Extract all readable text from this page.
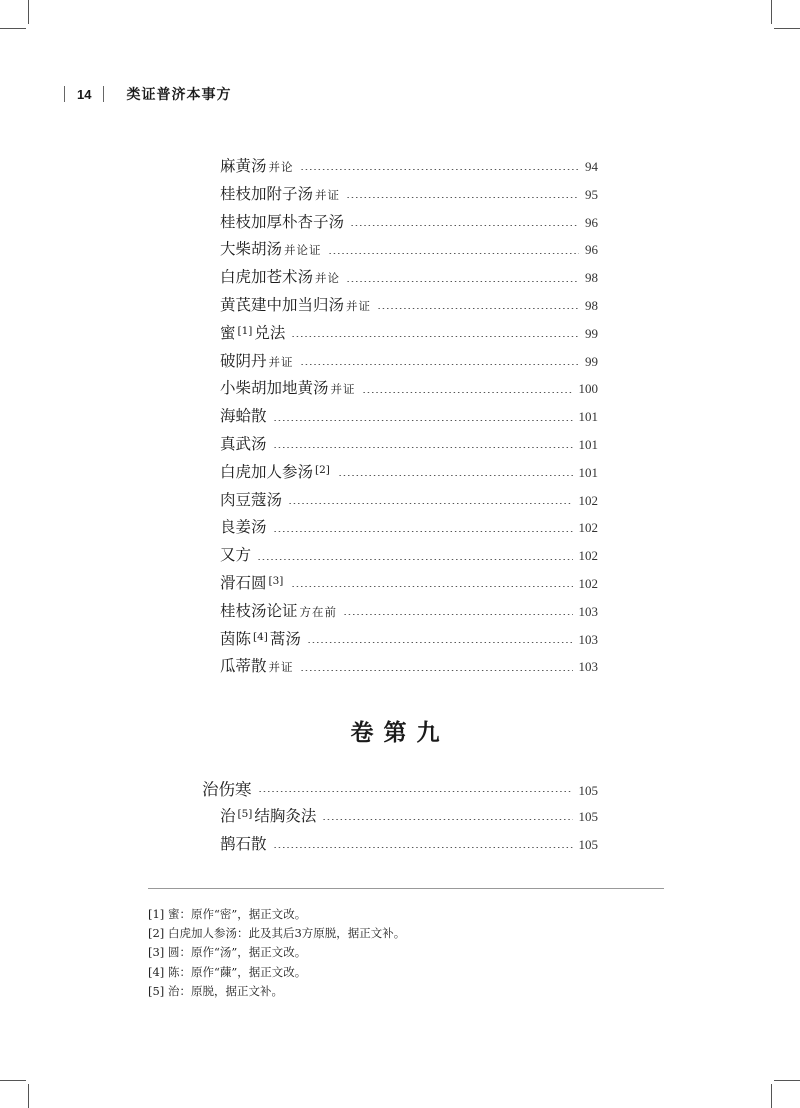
14	类证普济本事方
麻黄汤 并论	94
桂枝加附子汤 并证	95
桂枝加厚朴杏子汤	96
大柴胡汤 并论证	96
白虎加苍术汤 并论	98
黄芪建中加当归汤 并证	98
蜜 [1] 兑法	99
破阴丹 并证	99
小柴胡加地黄汤 并证	100
海蛤散	101
真武汤	101
白虎加人参汤 [2]	101
肉豆蔻汤	102
良姜汤	102
又方	102
滑石圆 [3]	102
桂枝汤论证 方在前	103
茵陈 [4] 蒿汤	103
瓜蒂散 并证	103
卷第九
治伤寒	105
治 [5] 结胸灸法	105
鹊石散	105
[1] 蜜：原作“密”，据正文改。
[2] 白虎加人参汤：此及其后3方原脱，据正文补。
[3] 圆：原作“汤”，据正文改。
[4] 陈：原作“蔯”，据正文改。
[5] 治：原脱，据正文补。
